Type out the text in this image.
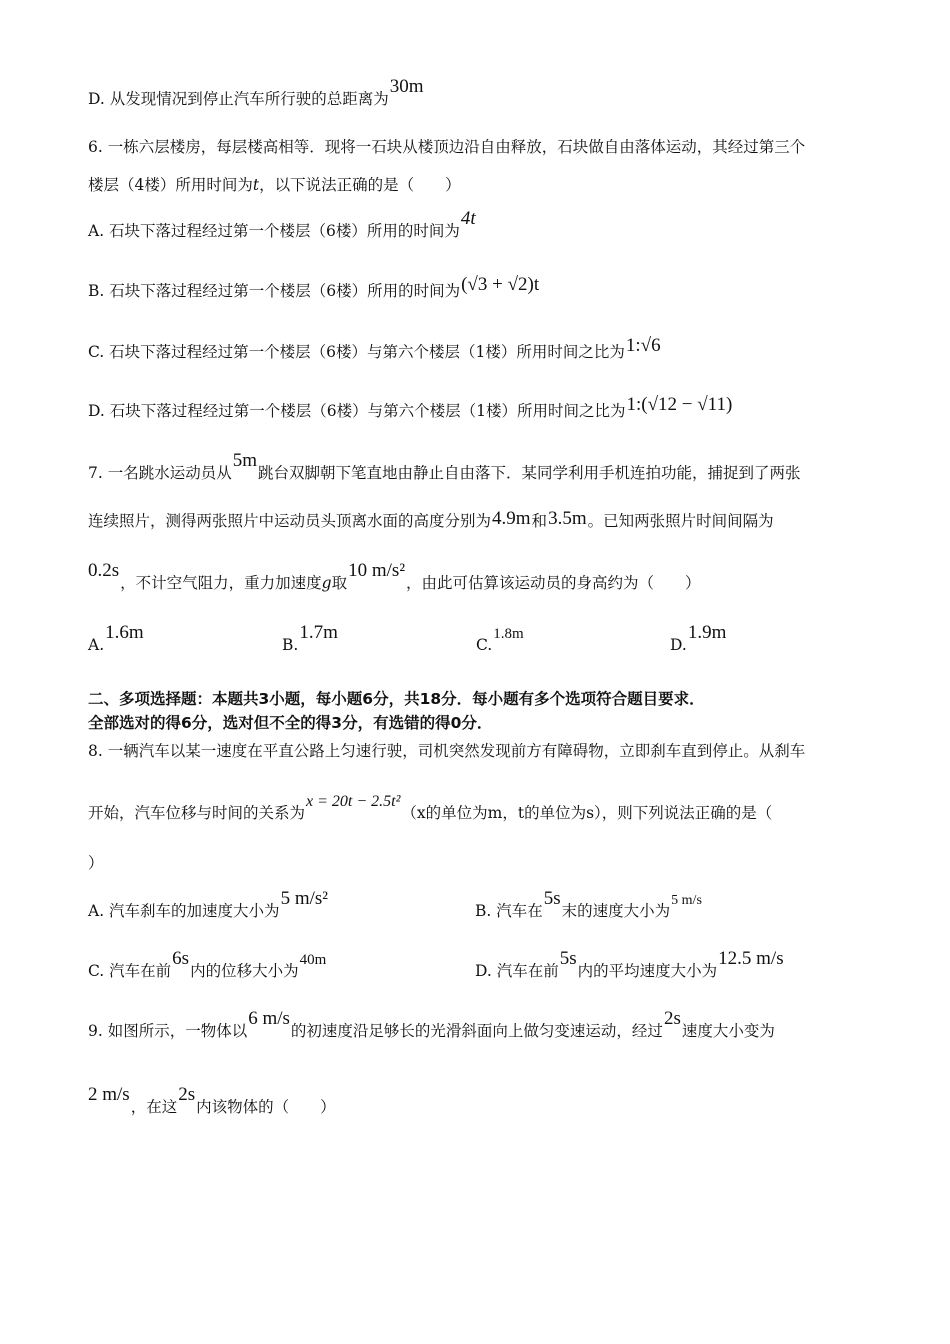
D. 从发现情况到停止汽车所行驶的总距离为30m
6. 一栋六层楼房，每层楼高相等．现将一石块从楼顶边沿自由释放，石块做自由落体运动，其经过第三个
楼层（4楼）所用时间为t，以下说法正确的是（　　）
A. 石块下落过程经过第一个楼层（6楼）所用的时间为4t
B. 石块下落过程经过第一个楼层（6楼）所用的时间为(√3 + √2)t
C. 石块下落过程经过第一个楼层（6楼）与第六个楼层（1楼）所用时间之比为1:√6
D. 石块下落过程经过第一个楼层（6楼）与第六个楼层（1楼）所用时间之比为1:(√12 − √11)
7. 一名跳水运动员从5m跳台双脚朝下笔直地由静止自由落下．某同学利用手机连拍功能，捕捉到了两张
连续照片，测得两张照片中运动员头顶离水面的高度分别为4.9m和3.5m。已知两张照片时间间隔为
0.2s，不计空气阻力，重力加速度g取10 m/s²，由此可估算该运动员的身高约为（　　）
A.1.6m
B.1.7m
C.1.8m
D.1.9m
二、多项选择题：本题共3小题，每小题6分，共18分．每小题有多个选项符合题目要求．
全部选对的得6分，选对但不全的得3分，有选错的得0分．
8. 一辆汽车以某一速度在平直公路上匀速行驶，司机突然发现前方有障碍物，立即刹车直到停止。从刹车
开始，汽车位移与时间的关系为x = 20t − 2.5t²（x的单位为m，t的单位为s），则下列说法正确的是（
）
A. 汽车刹车的加速度大小为5 m/s²
B. 汽车在5s末的速度大小为5 m/s
C. 汽车在前6s内的位移大小为40m
D. 汽车在前5s内的平均速度大小为12.5 m/s
9. 如图所示，一物体以6 m/s的初速度沿足够长的光滑斜面向上做匀变速运动，经过2s速度大小变为
2 m/s，在这2s内该物体的（　　）
